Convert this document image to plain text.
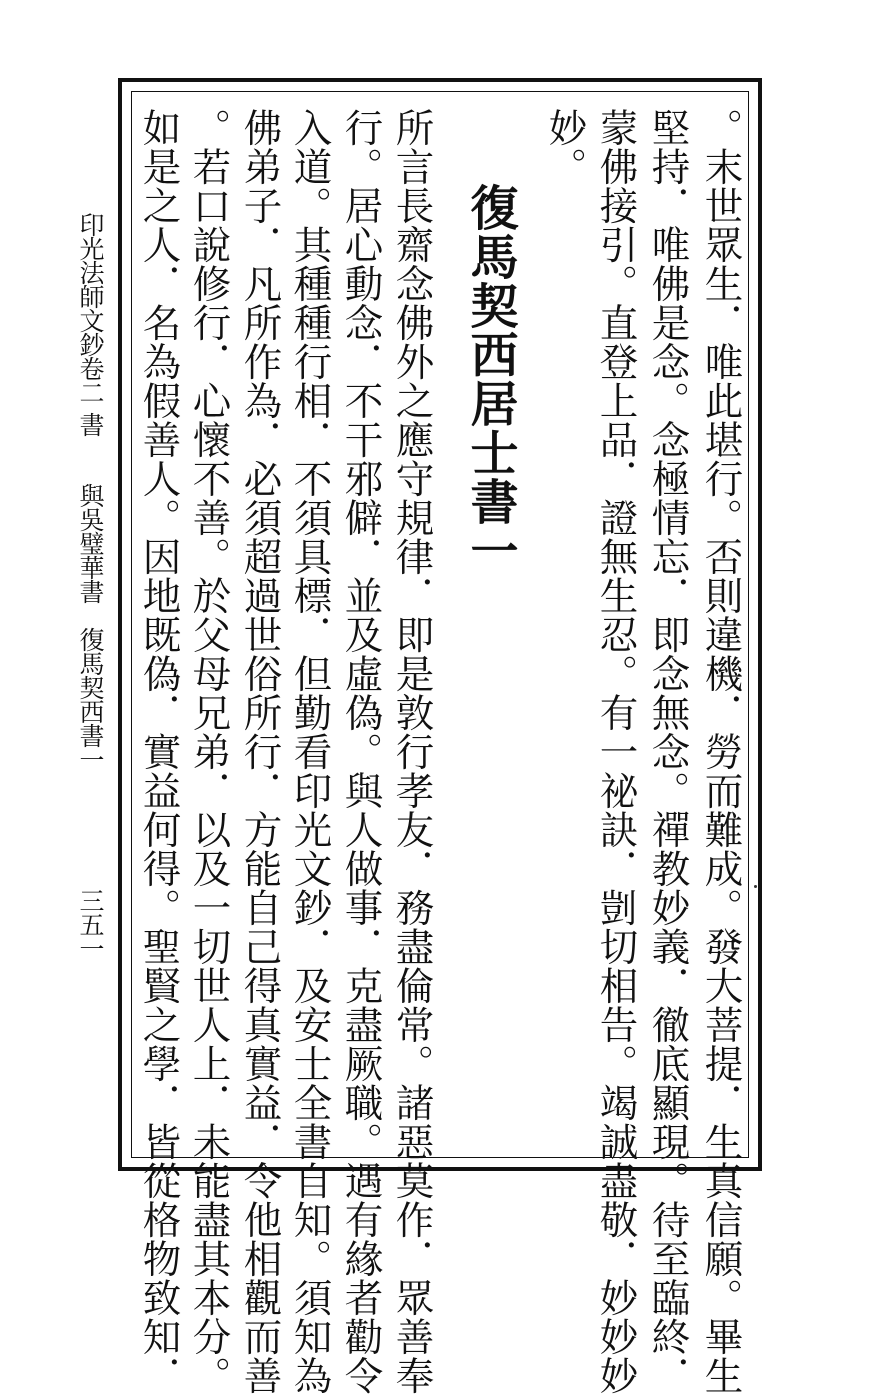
。末世眾生．唯此堪行。否則違機．勞而難成。發大菩提．生真信願。畢生
堅持．唯佛是念。念極情忘．即念無念。禪教妙義．徹底顯現。待至臨終．
蒙佛接引。直登上品．證無生忍。有一祕訣．剴切相告。竭誠盡敬．妙妙妙
妙。
復馬契西居士書一
所言長齋念佛外之應守規律．即是敦行孝友．務盡倫常。諸惡莫作．眾善奉
行。居心動念．不干邪僻．並及虛偽。與人做事．克盡厥職。遇有緣者勸令
入道。其種種行相．不須具標．但勤看印光文鈔．及安士全書自知。須知為
佛弟子．凡所作為．必須超過世俗所行．方能自己得真實益．令他相觀而善
。若口說修行．心懷不善。於父母兄弟．以及一切世人上．未能盡其本分。
如是之人．名為假善人。因地既偽．實益何得。聖賢之學．皆從格物致知．
印光法師文鈔卷二
書
與吳璧華書　復馬契西書一
三五一
